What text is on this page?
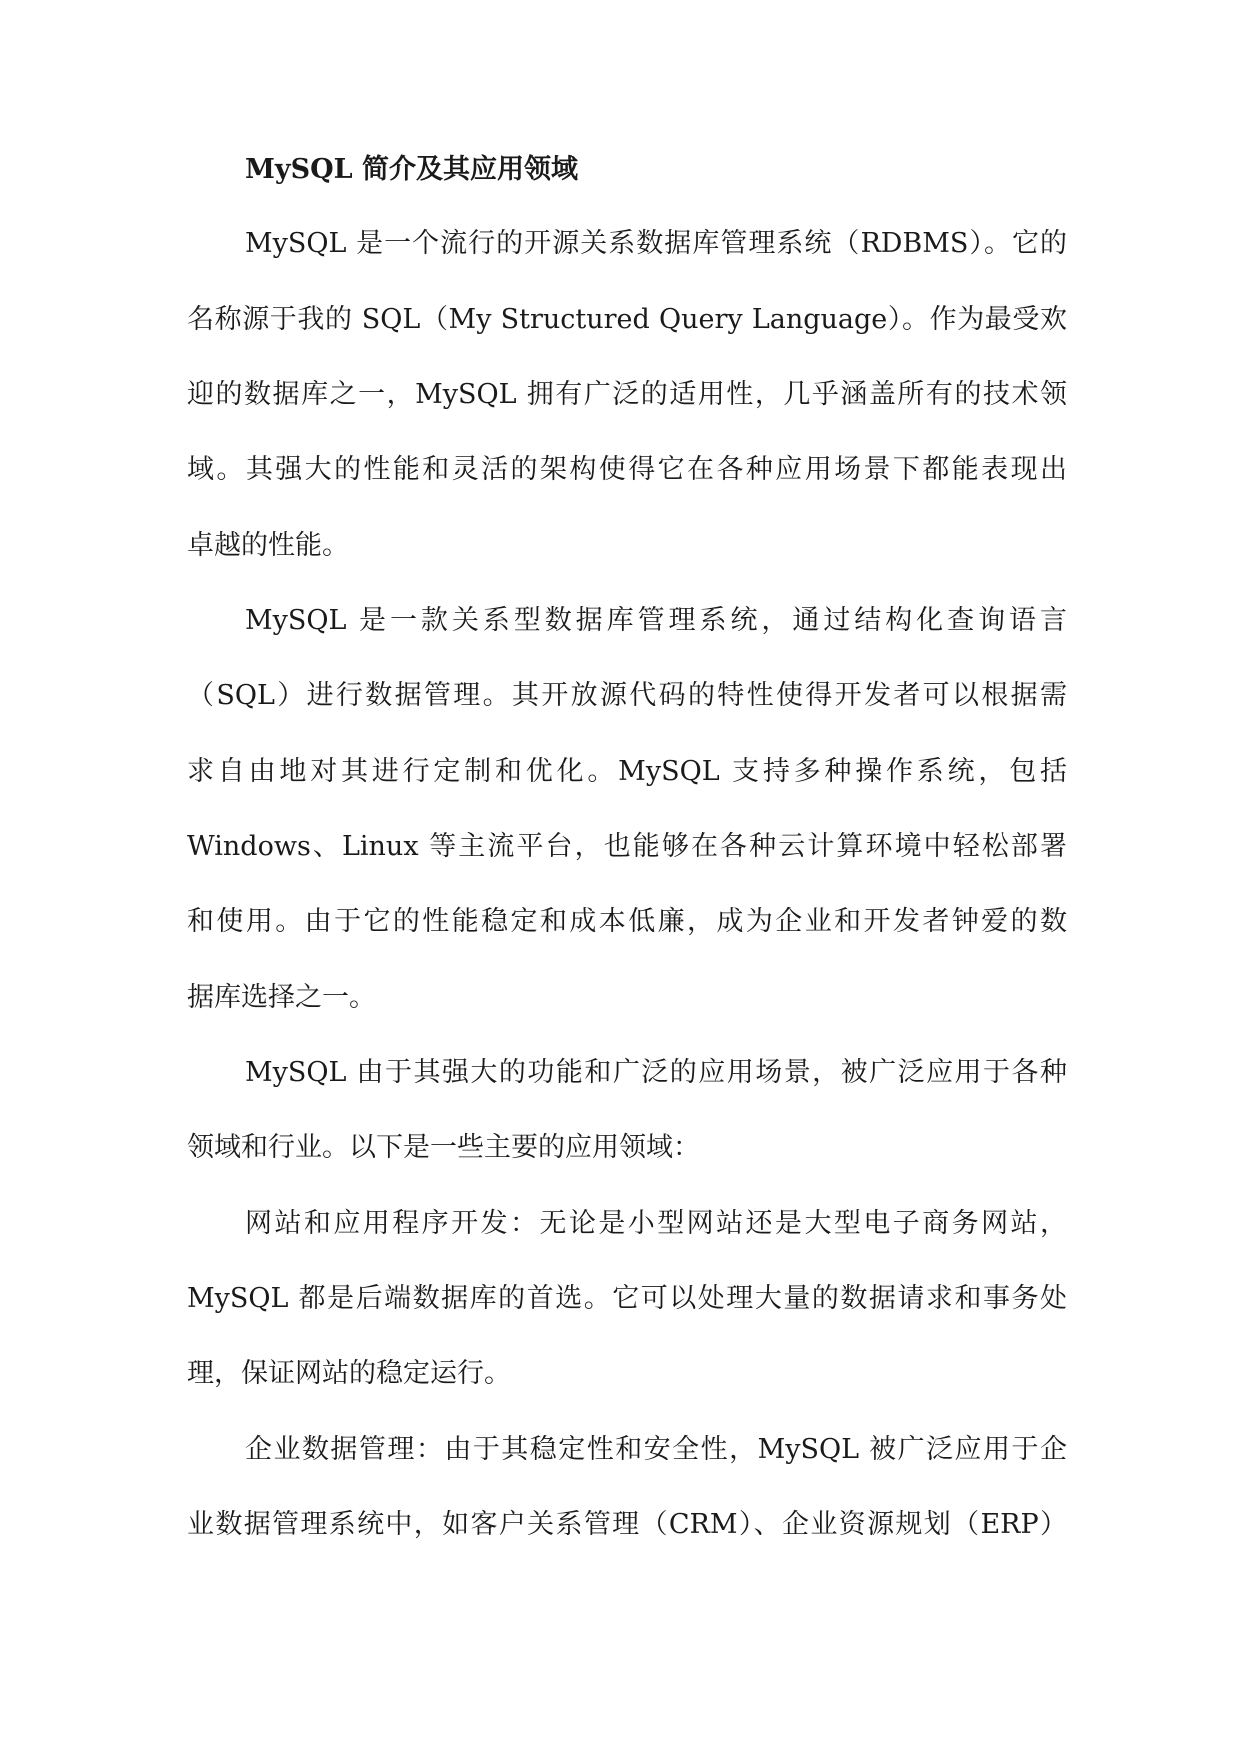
MySQL 简介及其应用领域
MySQL 是一个流行的开源关系数据库管理系统（RDBMS）。它的
名称源于我的 SQL（My Structured Query Language）。作为最受欢
迎的数据库之一，MySQL 拥有广泛的适用性，几乎涵盖所有的技术领
域。其强大的性能和灵活的架构使得它在各种应用场景下都能表现出
卓越的性能。
MySQL 是一款关系型数据库管理系统，通过结构化查询语言
（SQL）进行数据管理。其开放源代码的特性使得开发者可以根据需
求自由地对其进行定制和优化。MySQL 支持多种操作系统，包括
Windows、Linux 等主流平台，也能够在各种云计算环境中轻松部署
和使用。由于它的性能稳定和成本低廉，成为企业和开发者钟爱的数
据库选择之一。
MySQL 由于其强大的功能和广泛的应用场景，被广泛应用于各种
领域和行业。以下是一些主要的应用领域：
网站和应用程序开发：无论是小型网站还是大型电子商务网站，
MySQL 都是后端数据库的首选。它可以处理大量的数据请求和事务处
理，保证网站的稳定运行。
企业数据管理：由于其稳定性和安全性，MySQL 被广泛应用于企
业数据管理系统中，如客户关系管理（CRM）、企业资源规划（ERP）
